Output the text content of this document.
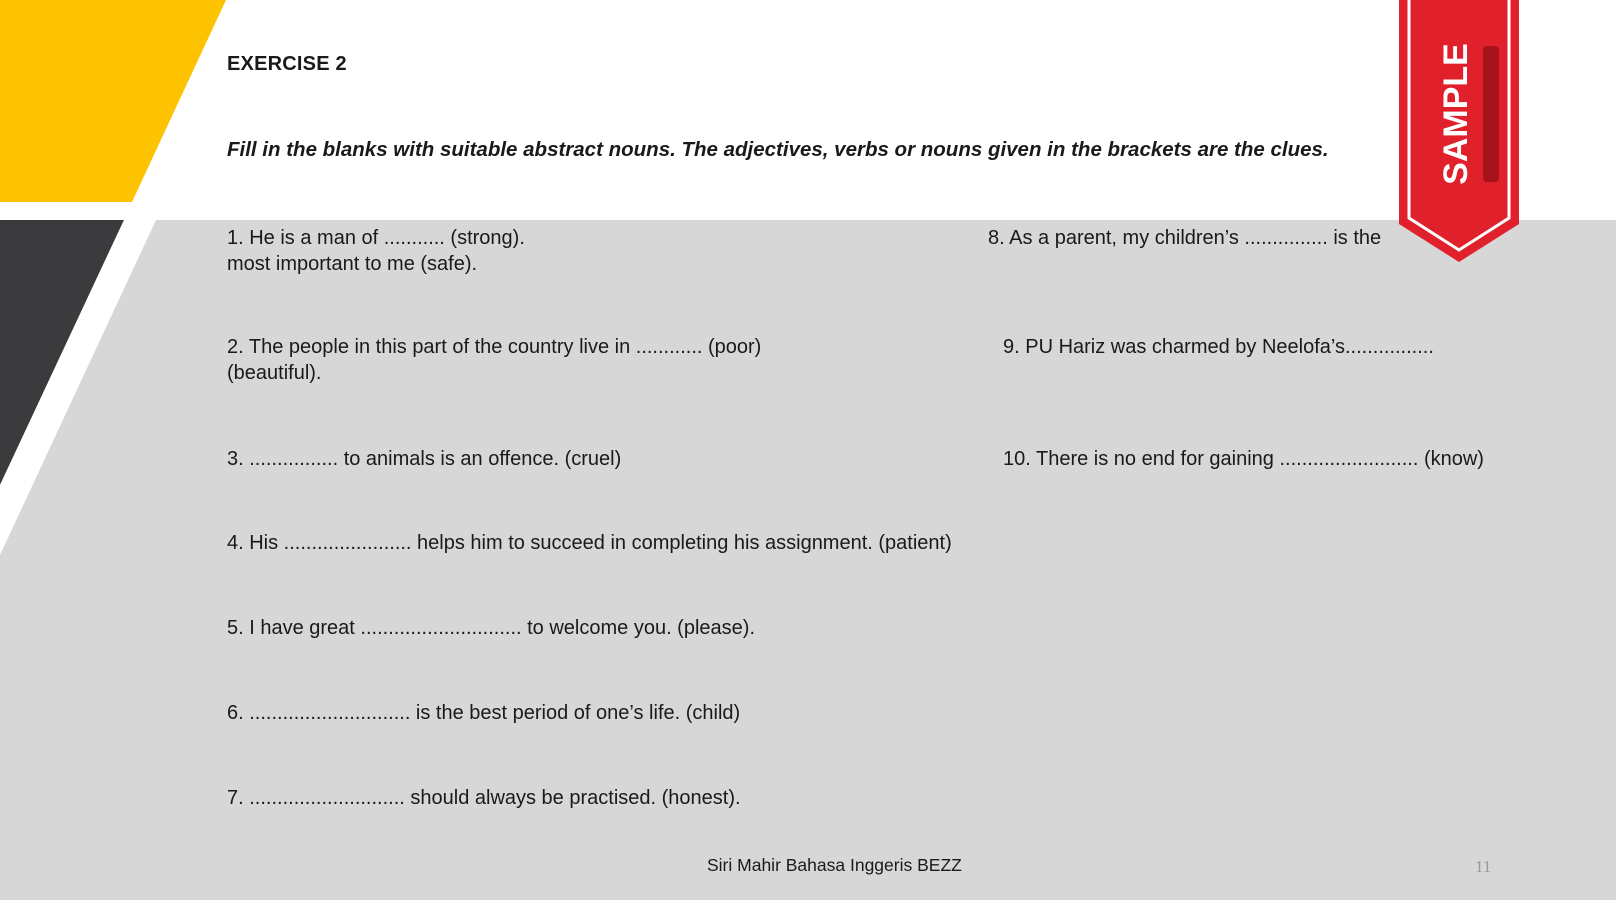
EXERCISE 2
Fill in the blanks with suitable abstract nouns. The adjectives, verbs or nouns given in the brackets are the clues.
1. He is a man of ........... (strong).
most important to me (safe).
2. The people in this part of the country live in ............ (poor)
(beautiful).
3. ................ to animals is an offence. (cruel)
4. His ....................... helps him to succeed in completing his assignment. (patient)
5. I have great ............................. to welcome you. (please).
6. ............................. is the best period of one’s life. (child)
7. ............................ should always be practised. (honest).
8. As a parent, my children’s ............... is the
9. PU Hariz was charmed by Neelofa’s................
10. There is no end for gaining ......................... (know)
SAMPLE
Siri Mahir Bahasa Inggeris BEZZ	11
